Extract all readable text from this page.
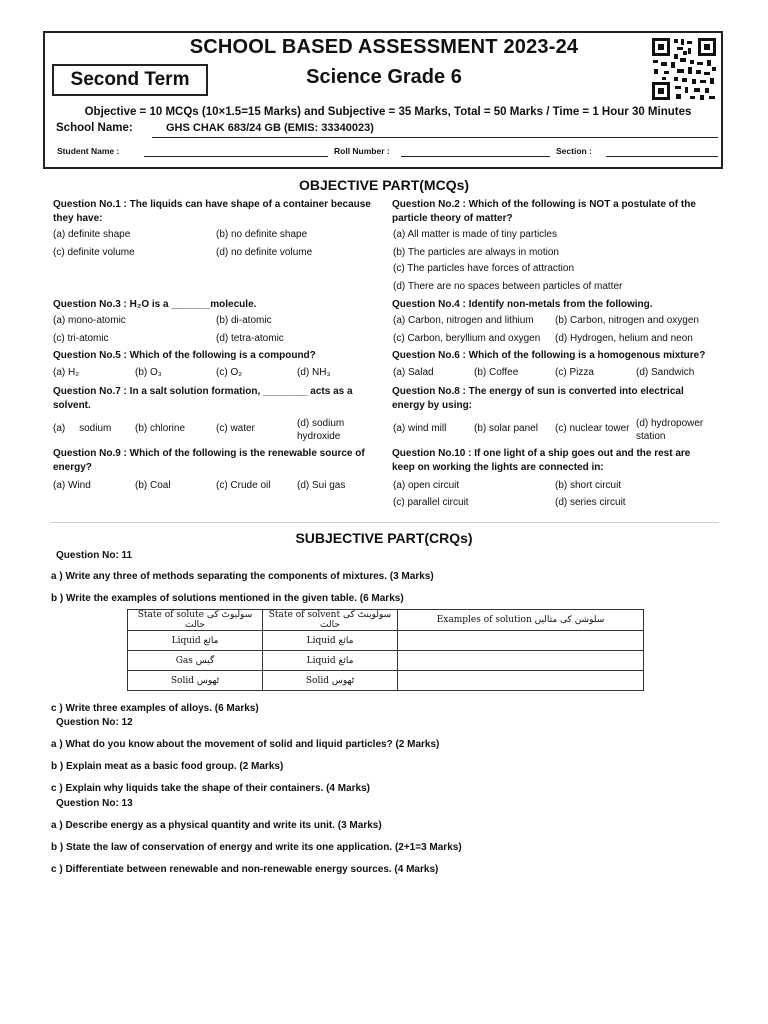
SCHOOL BASED ASSESSMENT 2023-24
Second Term	Science Grade 6
Objective = 10 MCQs (10×1.5=15 Marks) and Subjective = 35 Marks, Total = 50 Marks / Time = 1 Hour 30 Minutes
School Name:	GHS CHAK 683/24 GB (EMIS: 33340023)
Student Name :	Roll Number :	Section :
OBJECTIVE PART(MCQs)
Question No.1 : The liquids can have shape of a container because they have:
(a) definite shape	(b) no definite shape
(c) definite volume	(d) no definite volume
Question No.2 : Which of the following is NOT a postulate of the particle theory of matter?
(a) All matter is made of tiny particles
(b) The particles are always in motion
(c) The particles have forces of attraction
(d) There are no spaces between particles of matter
Question No.3 : H₂O is a _______molecule.
(a) mono-atomic	(b) di-atomic
(c) tri-atomic	(d) tetra-atomic
Question No.4 : Identify non-metals from the following.
(a) Carbon, nitrogen and lithium (b) Carbon, nitrogen and oxygen
(c) Carbon, beryllium and oxygen (d) Hydrogen, helium and neon
Question No.5 : Which of the following is a compound?
(a) H₂	(b) O₃	(c) O₂	(d) NH₃
Question No.6 : Which of the following is a homogenous mixture?
(a) Salad	(b) Coffee	(c) Pizza	(d) Sandwich
Question No.7 : In a salt solution formation, ________ acts as a solvent.
(a)     sodium (b) chlorine	(c) water	(d) sodium hydroxide
Question No.8 : The energy of sun is converted into electrical energy by using:
(a) wind mill	(b) solar panel (c) nuclear tower (d) hydropower station
Question No.9 : Which of the following is the renewable source of energy?
(a) Wind	(b) Coal	(c) Crude oil	(d) Sui gas
Question No.10 : If one light of a ship goes out and the rest are keep on working the lights are connected in:
(a) open circuit	(b) short circuit
(c) parallel circuit	(d) series circuit
SUBJECTIVE PART(CRQs)
Question No: 11
a ) Write any three of methods separating the components of mixtures. (3 Marks)
b ) Write the examples of solutions mentioned in the given table. (6 Marks)
State of solute سولیوٹ کی حالت	State of solvent سولوینٹ کی حالت	Examples of solution سلوشن کی مثالیں
Liquid مائع	Liquid مائع	
Gas گیس	Liquid مائع	
Solid ٹھوس	Solid ٹھوس	
c ) Write three examples of alloys. (6 Marks)
Question No: 12
a ) What do you know about the movement of solid and liquid particles? (2 Marks)
b ) Explain meat as a basic food group. (2 Marks)
c ) Explain why liquids take the shape of their containers. (4 Marks)
Question No: 13
a ) Describe energy as a physical quantity and write its unit. (3 Marks)
b ) State the law of conservation of energy and write its one application. (2+1=3 Marks)
c ) Differentiate between renewable and non-renewable energy sources. (4 Marks)
